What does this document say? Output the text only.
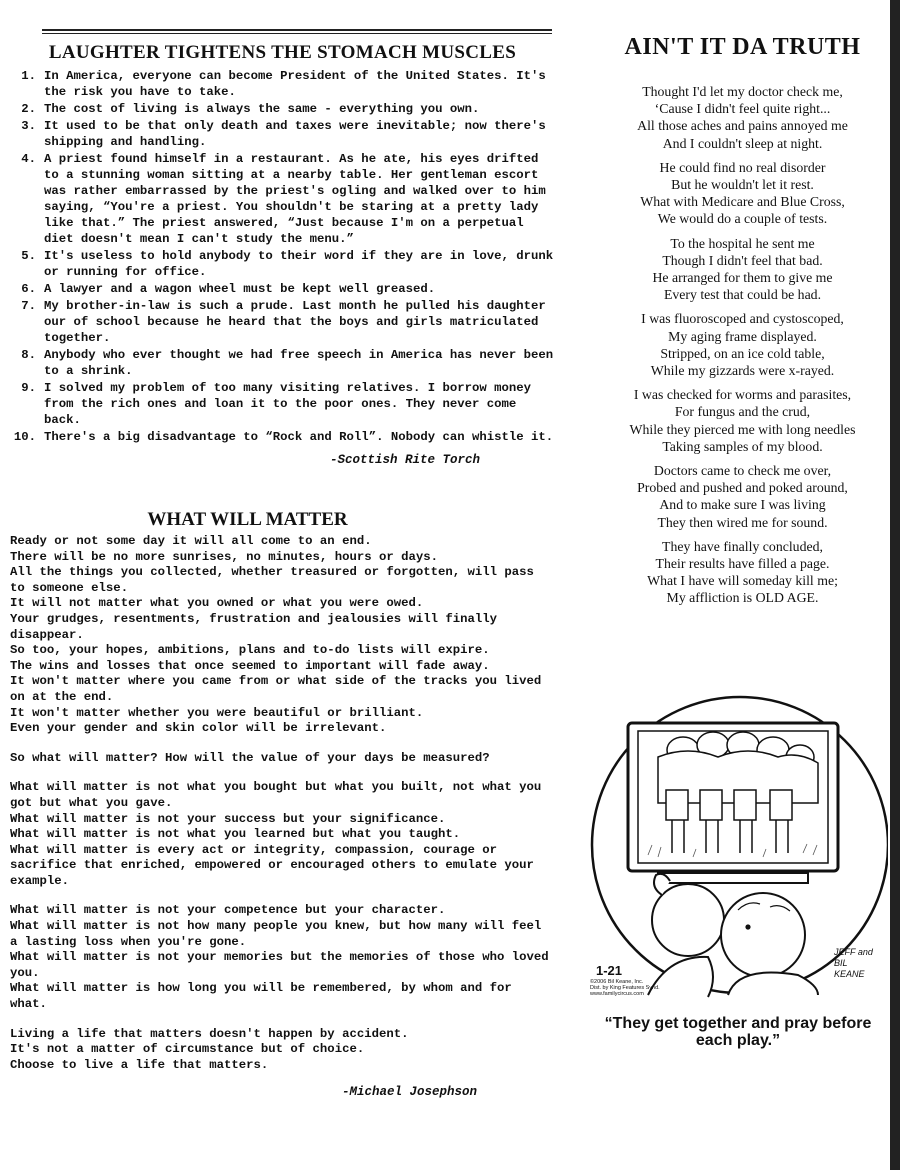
LAUGHTER TIGHTENS THE STOMACH MUSCLES
1. In America, everyone can become President of the United States. It's the risk you have to take.
2. The cost of living is always the same - everything you own.
3. It used to be that only death and taxes were inevitable; now there's shipping and handling.
4. A priest found himself in a restaurant. As he ate, his eyes drifted to a stunning woman sitting at a nearby table. Her gentleman escort was rather embarrassed by the priest's ogling and walked over to him saying, “You're a priest. You shouldn't be staring at a pretty lady like that.” The priest answered, “Just because I'm on a perpetual diet doesn't mean I can't study the menu.”
5. It's useless to hold anybody to their word if they are in love, drunk or running for office.
6. A lawyer and a wagon wheel must be kept well greased.
7. My brother-in-law is such a prude. Last month he pulled his daughter our of school because he heard that the boys and girls matriculated together.
8. Anybody who ever thought we had free speech in America has never been to a shrink.
9. I solved my problem of too many visiting relatives. I borrow money from the rich ones and loan it to the poor ones. They never come back.
10. There's a big disadvantage to “Rock and Roll”. Nobody can whistle it.
-Scottish Rite Torch
WHAT WILL MATTER

Ready or not some day it will all come to an end.

There will be no more sunrises, no minutes, hours or days.

All the things you collected, whether treasured or forgotten, will pass to someone else.

It will not matter what you owned or what you were owed.

Your grudges, resentments, frustration and jealousies will finally disappear.

So too, your hopes, ambitions, plans and to-do lists will expire.

The wins and losses that once seemed to important will fade away.

It won't matter where you came from or what side of the tracks you lived on at the end.

It won't matter whether you were beautiful or brilliant.

Even your gender and skin color will be irrelevant.

So what will matter? How will the value of your days be measured?

What will matter is not what you bought but what you built, not what you got but what you gave.

What will matter is not your success but your significance.

What will matter is not what you learned but what you taught.

What will matter is every act or integrity, compassion, courage or sacrifice that enriched, empowered or encouraged others to emulate your example.

What will matter is not your competence but your character.

What will matter is not how many people you knew, but how many will feel a lasting loss when you're gone.

What will matter is not your memories but the memories of those who loved you.

What will matter is how long you will be remembered, by whom and for what.

Living a life that matters doesn't happen by accident.

It's not a matter of circumstance but of choice.

Choose to live a life that matters.

-Michael Josephson
AIN'T IT DA TRUTH
Thought I'd let my doctor check me,
‘Cause I didn't feel quite right...
All those aches and pains annoyed me
And I couldn't sleep at night.
He could find no real disorder
But he wouldn't let it rest.
What with Medicare and Blue Cross,
We would do a couple of tests.
To the hospital he sent me
Though I didn't feel that bad.
He arranged for them to give me
Every test that could be had.
I was fluoroscoped and cystoscoped,
My aging frame displayed.
Stripped, on an ice cold table,
While my gizzards were x-rayed.
I was checked for worms and parasites,
For fungus and the crud,
While they pierced me with long needles
Taking samples of my blood.
Doctors came to check me over,
Probed and pushed and poked around,
And to make sure I was living
They then wired me for sound.
They have finally concluded,
Their results have filled a page.
What I have will someday kill me;
My affliction is OLD AGE.
1-21
©2006 Bil Keane, Inc.
Dist. by King Features Synd.
www.familycircus.com
JEFF and BIL KEANE
“They get together and pray before each play.”
